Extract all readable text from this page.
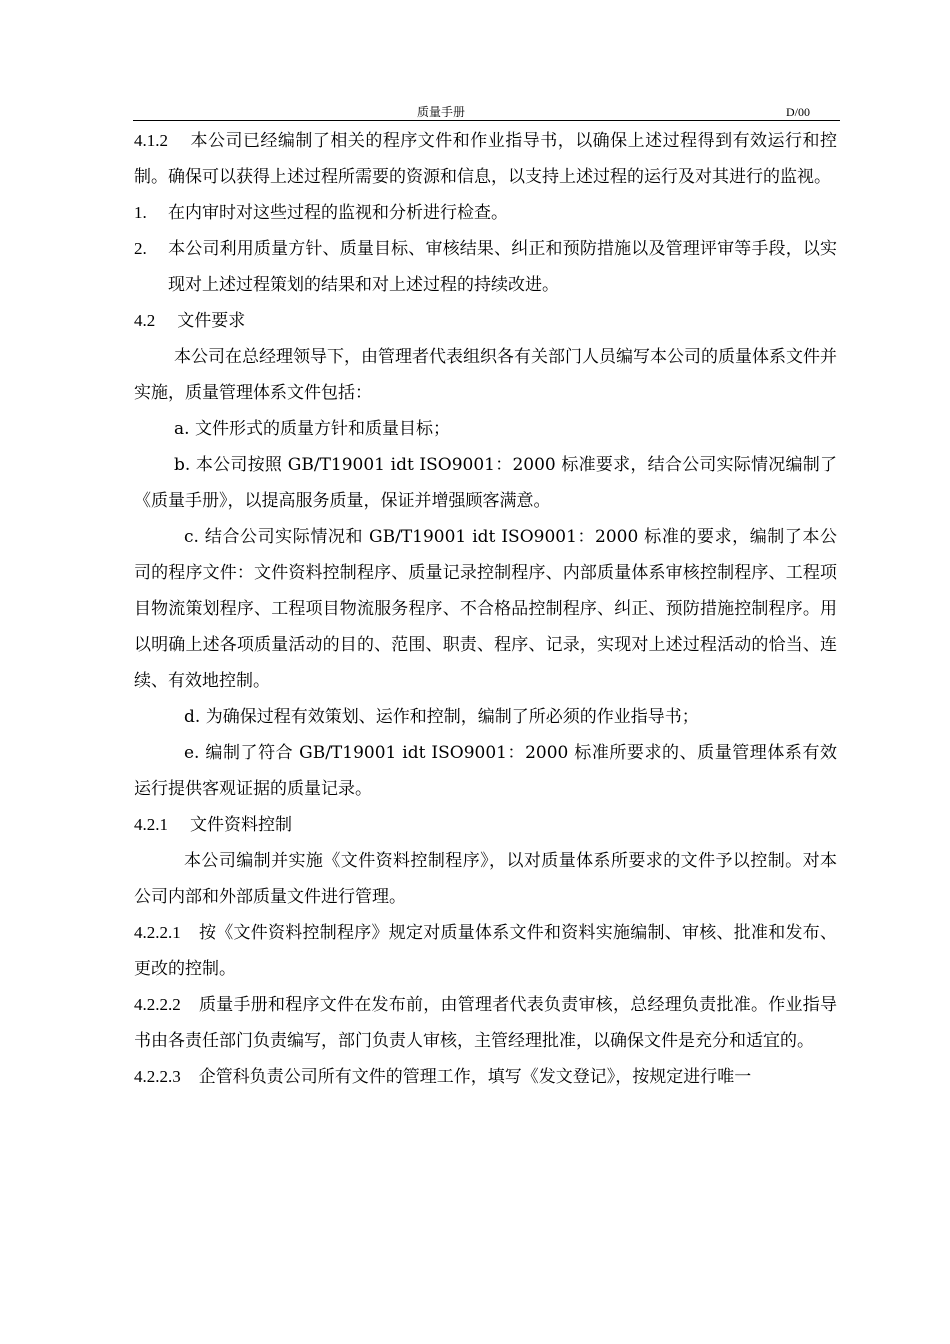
质量手册	D/00

4.1.2 本公司已经编制了相关的程序文件和作业指导书，以确保上述过程得到有效运行和控制。确保可以获得上述过程所需要的资源和信息，以支持上述过程的运行及对其进行的监视。

1. 在内审时对这些过程的监视和分析进行检查。

2. 本公司利用质量方针、质量目标、审核结果、纠正和预防措施以及管理评审等手段，以实现对上述过程策划的结果和对上述过程的持续改进。

4.2 文件要求

本公司在总经理领导下，由管理者代表组织各有关部门人员编写本公司的质量体系文件并实施，质量管理体系文件包括：

a. 文件形式的质量方针和质量目标；

b. 本公司按照 GB/T19001 idt ISO9001：2000 标准要求，结合公司实际情况编制了《质量手册》，以提高服务质量，保证并增强顾客满意。

c. 结合公司实际情况和 GB/T19001 idt ISO9001：2000 标准的要求，编制了本公司的程序文件：文件资料控制程序、质量记录控制程序、内部质量体系审核控制程序、工程项目物流策划程序、工程项目物流服务程序、不合格品控制程序、纠正、预防措施控制程序。用以明确上述各项质量活动的目的、范围、职责、程序、记录，实现对上述过程活动的恰当、连续、有效地控制。

d. 为确保过程有效策划、运作和控制，编制了所必须的作业指导书；

e. 编制了符合 GB/T19001 idt ISO9001：2000 标准所要求的、质量管理体系有效运行提供客观证据的质量记录。

4.2.1 文件资料控制

本公司编制并实施《文件资料控制程序》，以对质量体系所要求的文件予以控制。对本公司内部和外部质量文件进行管理。

4.2.2.1 按《文件资料控制程序》规定对质量体系文件和资料实施编制、审核、批准和发布、更改的控制。

4.2.2.2 质量手册和程序文件在发布前，由管理者代表负责审核，总经理负责批准。作业指导书由各责任部门负责编写，部门负责人审核，主管经理批准，以确保文件是充分和适宜的。

4.2.2.3 企管科负责公司所有文件的管理工作，填写《发文登记》，按规定进行唯一
